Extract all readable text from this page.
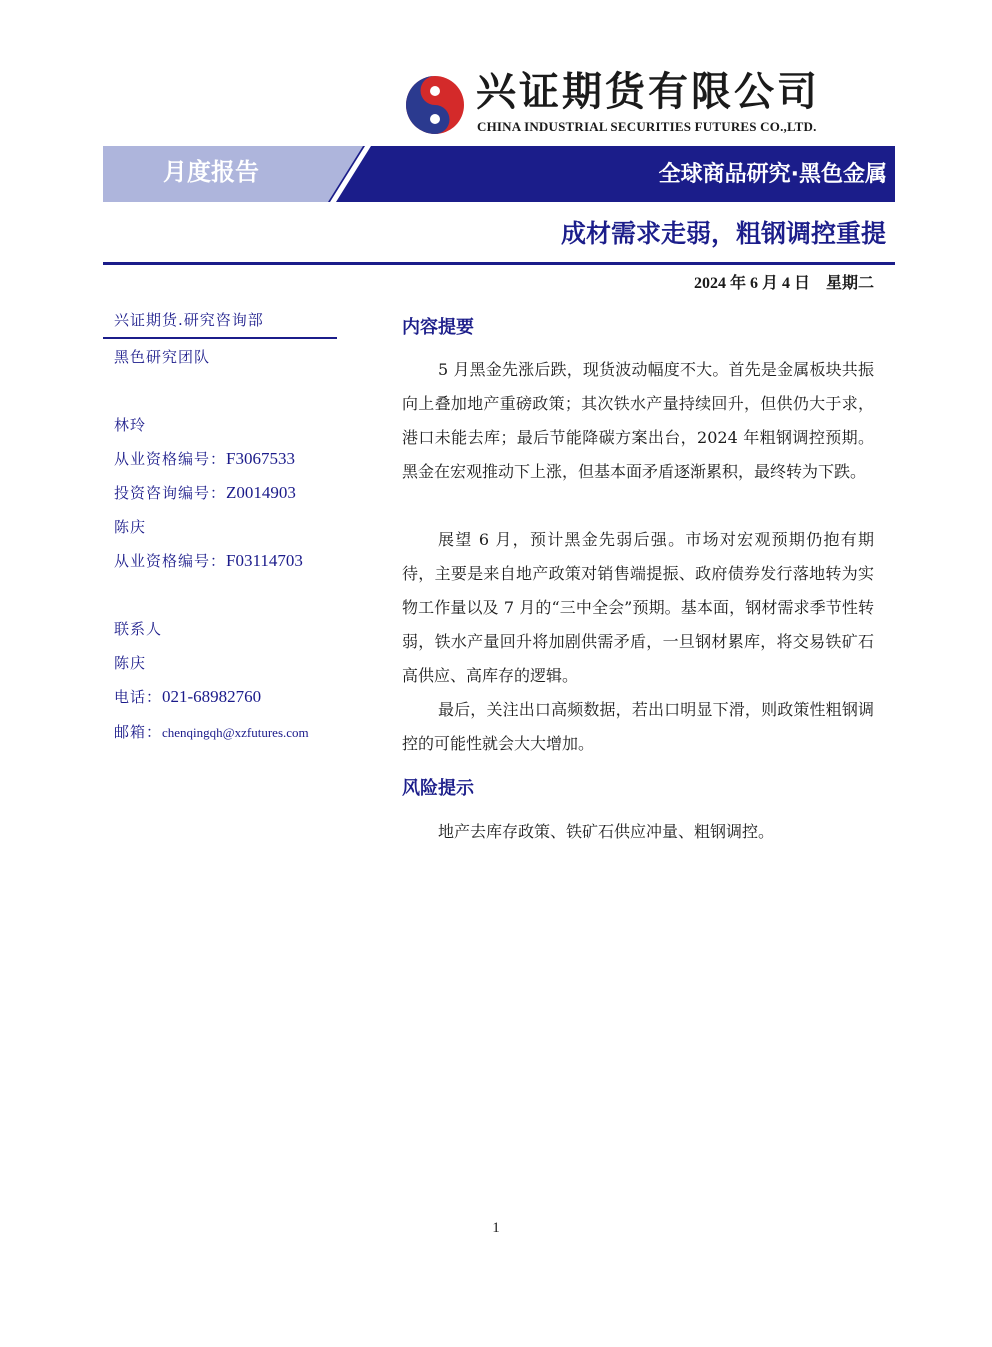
兴证期货有限公司
CHINA INDUSTRIAL SECURITIES FUTURES CO.,LTD.
月度报告	全球商品研究·黑色金属
成材需求走弱，粗钢调控重提
2024 年 6 月 4 日　星期二
兴证期货.研究咨询部
黑色研究团队
林玲
从业资格编号：F3067533
投资咨询编号：Z0014903
陈庆
从业资格编号：F03114703
联系人
陈庆
电话：021-68982760
邮箱：chenqingqh@xzfutures.com
内容提要
5 月黑金先涨后跌，现货波动幅度不大。首先是金属板块共振向上叠加地产重磅政策；其次铁水产量持续回升，但供仍大于求，港口未能去库；最后节能降碳方案出台，2024 年粗钢调控预期。黑金在宏观推动下上涨，但基本面矛盾逐渐累积，最终转为下跌。
展望 6 月，预计黑金先弱后强。市场对宏观预期仍抱有期待，主要是来自地产政策对销售端提振、政府债券发行落地转为实物工作量以及 7 月的“三中全会”预期。基本面，钢材需求季节性转弱，铁水产量回升将加剧供需矛盾，一旦钢材累库，将交易铁矿石高供应、高库存的逻辑。
最后，关注出口高频数据，若出口明显下滑，则政策性粗钢调控的可能性就会大大增加。
风险提示
地产去库存政策、铁矿石供应冲量、粗钢调控。
1
